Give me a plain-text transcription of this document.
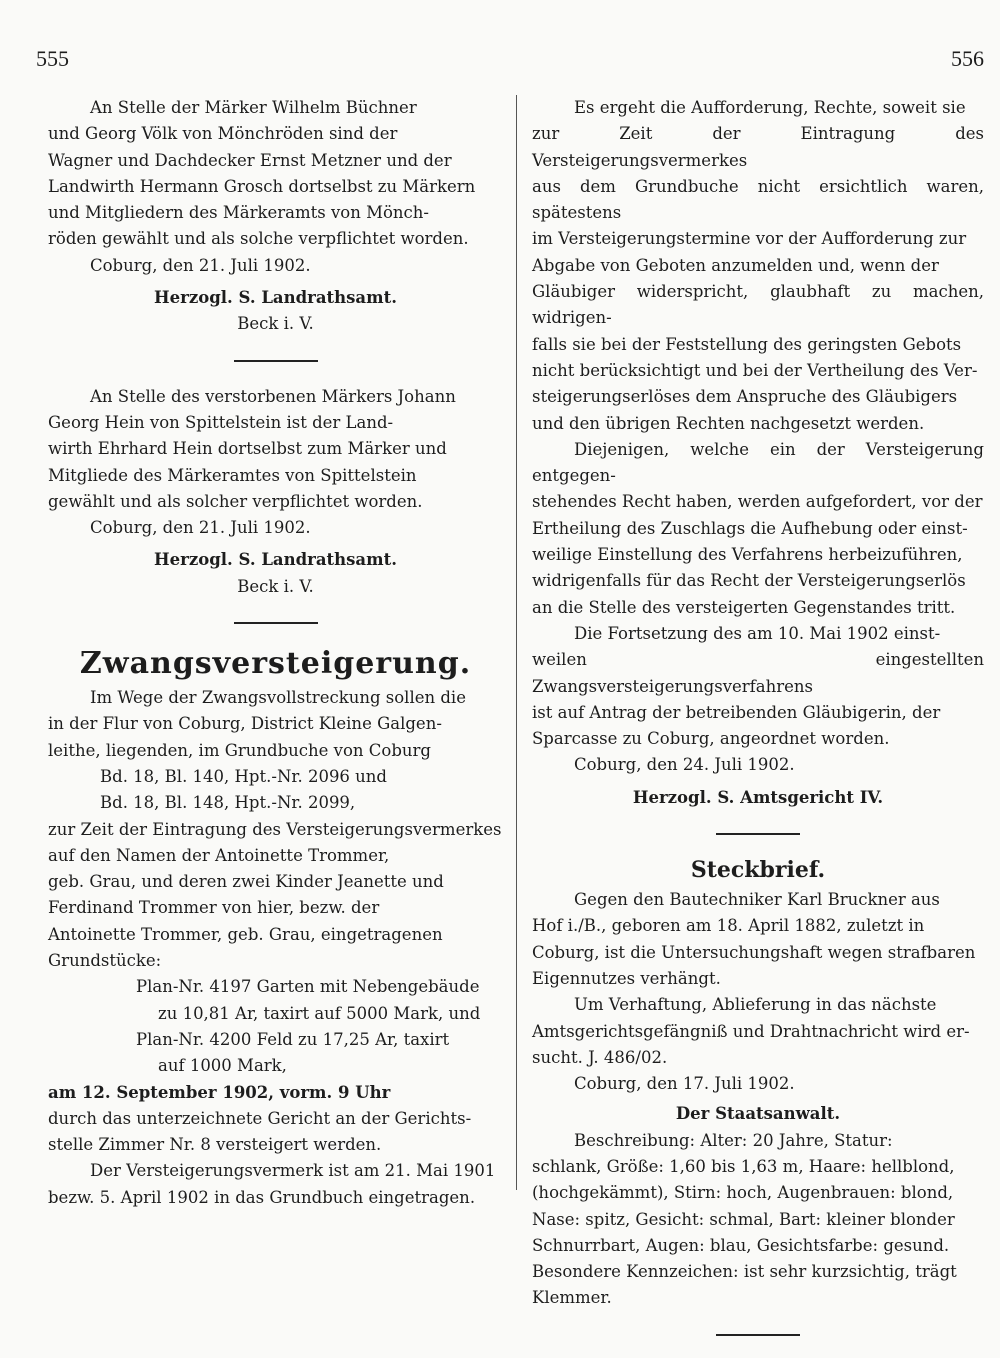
555	556

An Stelle der Märker Wilhelm Büchner

und Georg Völk von Mönchröden sind der

Wagner und Dachdecker Ernst Metzner und der

Landwirth Hermann Grosch dortselbst zu Märkern

und Mitgliedern des Märkeramts von Mönch-

röden gewählt und als solche verpflichtet worden.

Coburg, den 21. Juli 1902.

Herzogl. S. Landrathsamt.

Beck i. V.

An Stelle des verstorbenen Märkers Johann

Georg Hein von Spittelstein ist der Land-

wirth Ehrhard Hein dortselbst zum Märker und

Mitgliede des Märkeramtes von Spittelstein

gewählt und als solcher verpflichtet worden.

Coburg, den 21. Juli 1902.

Herzogl. S. Landrathsamt.

Beck i. V.

Zwangsversteigerung.

Im Wege der Zwangsvollstreckung sollen die

in der Flur von Coburg, District Kleine Galgen-

leithe, liegenden, im Grundbuche von Coburg

Bd. 18, Bl. 140, Hpt.-Nr. 2096 und

Bd. 18, Bl. 148, Hpt.-Nr. 2099,

zur Zeit der Eintragung des Versteigerungsvermerkes

auf den Namen der Antoinette Trommer,

geb. Grau, und deren zwei Kinder Jeanette und

Ferdinand Trommer von hier, bezw. der

Antoinette Trommer, geb. Grau, eingetragenen

Grundstücke:

Plan-Nr. 4197 Garten mit Nebengebäude

zu 10,81 Ar, taxirt auf 5000 Mark, und

Plan-Nr. 4200 Feld zu 17,25 Ar, taxirt

auf 1000 Mark,

am 12. September 1902, vorm. 9 Uhr

durch das unterzeichnete Gericht an der Gerichts-

stelle Zimmer Nr. 8 versteigert werden.

Der Versteigerungsvermerk ist am 21. Mai 1901

bezw. 5. April 1902 in das Grundbuch eingetragen.

Es ergeht die Aufforderung, Rechte, soweit sie

zur Zeit der Eintragung des Versteigerungsvermerkes

aus dem Grundbuche nicht ersichtlich waren, spätestens

im Versteigerungstermine vor der Aufforderung zur

Abgabe von Geboten anzumelden und, wenn der

Gläubiger widerspricht, glaubhaft zu machen, widrigen-

falls sie bei der Feststellung des geringsten Gebots

nicht berücksichtigt und bei der Vertheilung des Ver-

steigerungserlöses dem Anspruche des Gläubigers

und den übrigen Rechten nachgesetzt werden.

Diejenigen, welche ein der Versteigerung entgegen-

stehendes Recht haben, werden aufgefordert, vor der

Ertheilung des Zuschlags die Aufhebung oder einst-

weilige Einstellung des Verfahrens herbeizuführen,

widrigenfalls für das Recht der Versteigerungserlös

an die Stelle des versteigerten Gegenstandes tritt.

Die Fortsetzung des am 10. Mai 1902 einst-

weilen eingestellten Zwangsversteigerungsverfahrens

ist auf Antrag der betreibenden Gläubigerin, der

Sparcasse zu Coburg, angeordnet worden.

Coburg, den 24. Juli 1902.

Herzogl. S. Amtsgericht IV.

Steckbrief.

Gegen den Bautechniker Karl Bruckner aus

Hof i./B., geboren am 18. April 1882, zuletzt in

Coburg, ist die Untersuchungshaft wegen strafbaren

Eigennutzes verhängt.

Um Verhaftung, Ablieferung in das nächste

Amtsgerichtsgefängniß und Drahtnachricht wird er-

sucht. J. 486/02.

Coburg, den 17. Juli 1902.

Der Staatsanwalt.

Beschreibung: Alter: 20 Jahre, Statur:

schlank, Größe: 1,60 bis 1,63 m, Haare: hellblond,

(hochgekämmt), Stirn: hoch, Augenbrauen: blond,

Nase: spitz, Gesicht: schmal, Bart: kleiner blonder

Schnurrbart, Augen: blau, Gesichtsfarbe: gesund.

Besondere Kennzeichen: ist sehr kurzsichtig, trägt

Klemmer.
